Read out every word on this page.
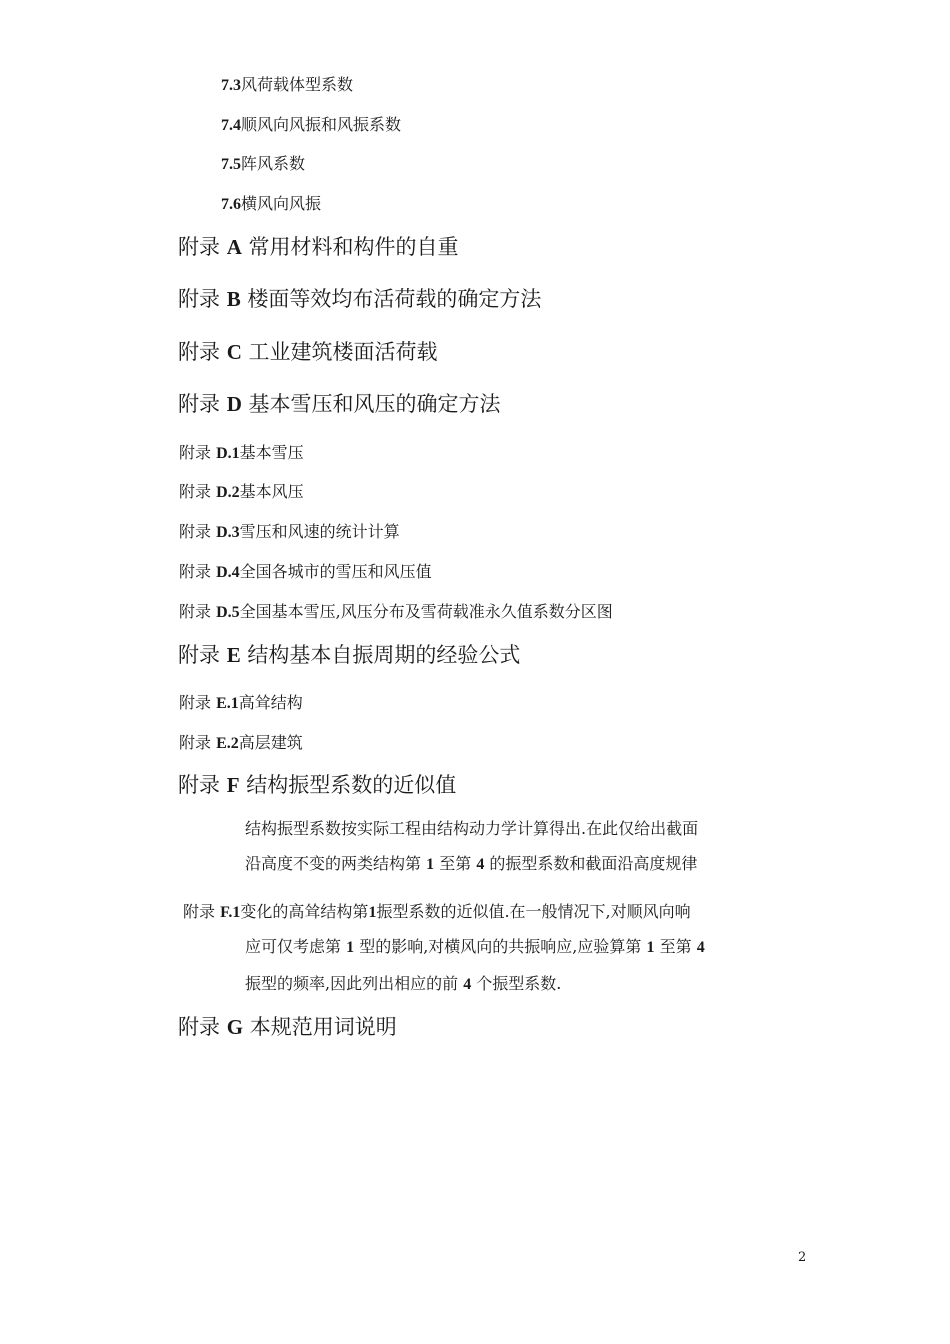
7.3风荷载体型系数
7.4顺风向风振和风振系数
7.5阵风系数
7.6横风向风振
附录 A 常用材料和构件的自重
附录 B 楼面等效均布活荷载的确定方法
附录 C 工业建筑楼面活荷载
附录 D 基本雪压和风压的确定方法
附录 D.1基本雪压
附录 D.2基本风压
附录 D.3雪压和风速的统计计算
附录 D.4全国各城市的雪压和风压值
附录 D.5全国基本雪压,风压分布及雪荷载准永久值系数分区图
附录 E 结构基本自振周期的经验公式
附录 E.1高耸结构
附录 E.2高层建筑
附录 F 结构振型系数的近似值
结构振型系数按实际工程由结构动力学计算得出.在此仅给出截面
沿高度不变的两类结构第 1 至第 4 的振型系数和截面沿高度规律
附录 F.1变化的高耸结构第1振型系数的近似值.在一般情况下,对顺风向响
应可仅考虑第 1 型的影响,对横风向的共振响应,应验算第 1 至第 4
振型的频率,因此列出相应的前 4 个振型系数.
附录 G 本规范用词说明
2
